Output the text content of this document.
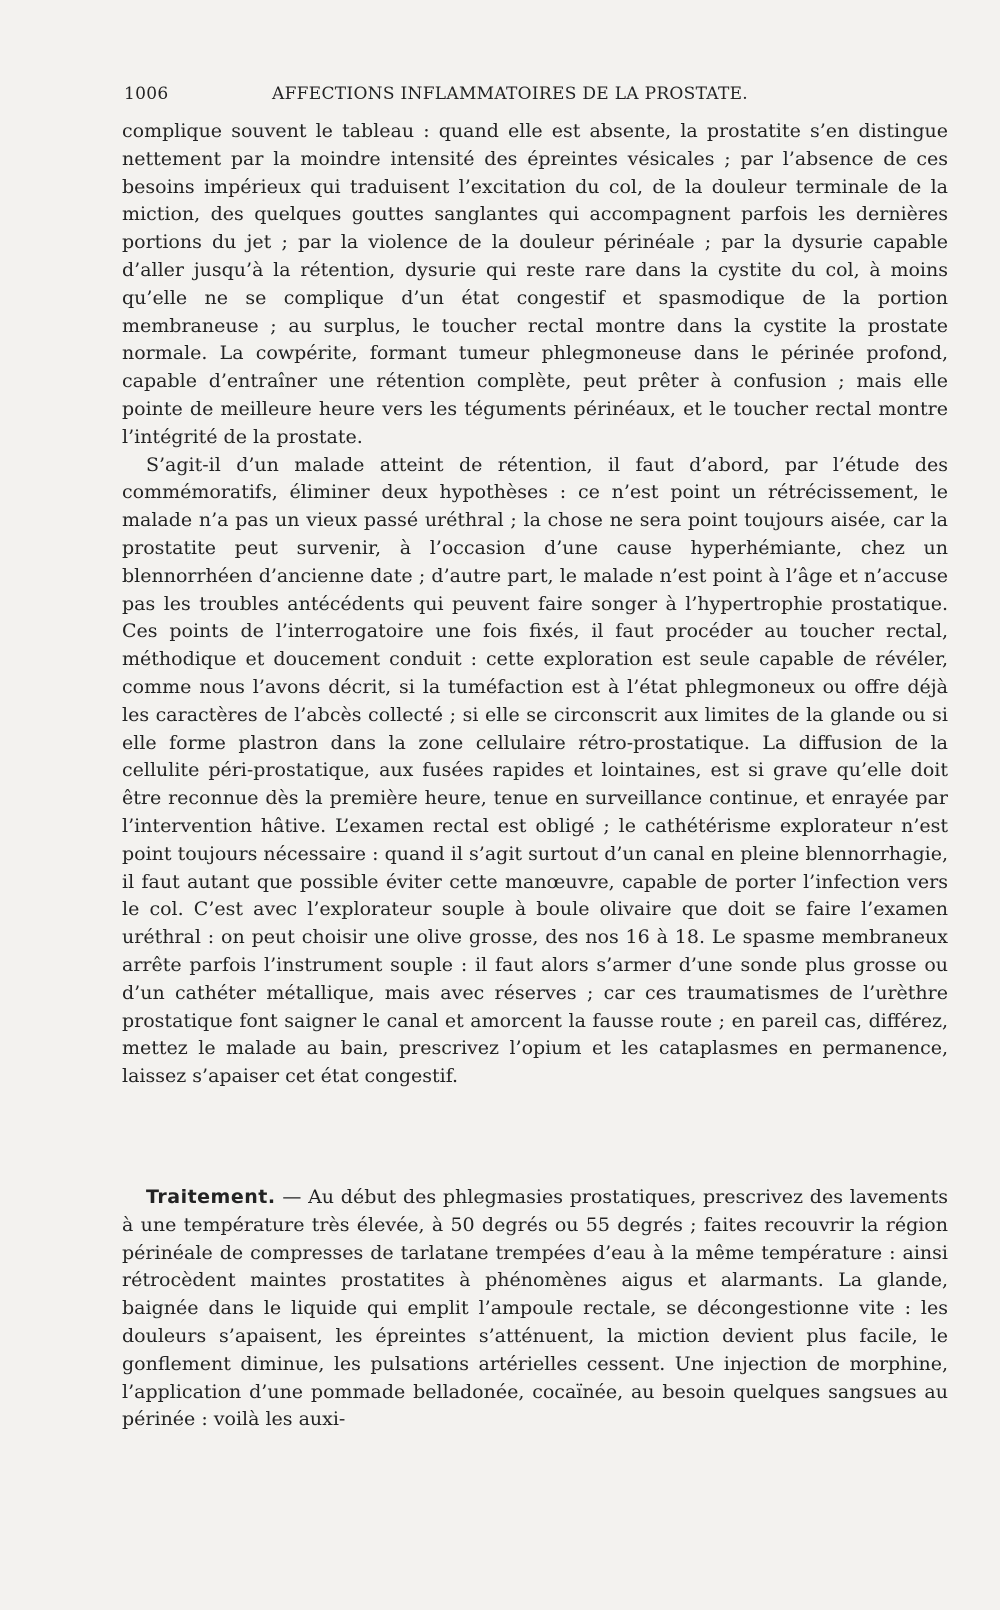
1006	AFFECTIONS INFLAMMATOIRES DE LA PROSTATE.

complique souvent le tableau : quand elle est absente, la prostatite s’en distingue nettement par la moindre intensité des épreintes vésicales ; par l’absence de ces besoins impérieux qui traduisent l’excitation du col, de la douleur terminale de la miction, des quelques gouttes sanglantes qui accompagnent parfois les dernières portions du jet ; par la violence de la douleur périnéale ; par la dysurie capable d’aller jusqu’à la rétention, dysurie qui reste rare dans la cystite du col, à moins qu’elle ne se complique d’un état congestif et spasmodique de la portion membraneuse ; au surplus, le toucher rectal montre dans la cystite la prostate normale. La cowpérite, formant tumeur phlegmoneuse dans le périnée profond, capable d’entraîner une rétention complète, peut prêter à confusion ; mais elle pointe de meilleure heure vers les téguments périnéaux, et le toucher rectal montre l’intégrité de la prostate.

S’agit-il d’un malade atteint de rétention, il faut d’abord, par l’étude des commémoratifs, éliminer deux hypothèses : ce n’est point un rétrécissement, le malade n’a pas un vieux passé uréthral ; la chose ne sera point toujours aisée, car la prostatite peut survenir, à l’occasion d’une cause hyperhémiante, chez un blennorrhéen d’ancienne date ; d’autre part, le malade n’est point à l’âge et n’accuse pas les troubles antécédents qui peuvent faire songer à l’hypertrophie prostatique. Ces points de l’interrogatoire une fois fixés, il faut procéder au toucher rectal, méthodique et doucement conduit : cette exploration est seule capable de révéler, comme nous l’avons décrit, si la tuméfaction est à l’état phlegmoneux ou offre déjà les caractères de l’abcès collecté ; si elle se circonscrit aux limites de la glande ou si elle forme plastron dans la zone cellulaire rétro-prostatique. La diffusion de la cellulite péri-prostatique, aux fusées rapides et lointaines, est si grave qu’elle doit être reconnue dès la première heure, tenue en surveillance continue, et enrayée par l’intervention hâtive. L’examen rectal est obligé ; le cathétérisme explorateur n’est point toujours nécessaire : quand il s’agit surtout d’un canal en pleine blennorrhagie, il faut autant que possible éviter cette manœuvre, capable de porter l’infection vers le col. C’est avec l’explorateur souple à boule olivaire que doit se faire l’examen uréthral : on peut choisir une olive grosse, des nos 16 à 18. Le spasme membraneux arrête parfois l’instrument souple : il faut alors s’armer d’une sonde plus grosse ou d’un cathéter métallique, mais avec réserves ; car ces traumatismes de l’urèthre prostatique font saigner le canal et amorcent la fausse route ; en pareil cas, différez, mettez le malade au bain, prescrivez l’opium et les cataplasmes en permanence, laissez s’apaiser cet état congestif.

Traitement. — Au début des phlegmasies prostatiques, prescrivez des lavements à une température très élevée, à 50 degrés ou 55 degrés ; faites recouvrir la région périnéale de compresses de tarlatane trempées d’eau à la même température : ainsi rétrocèdent maintes prostatites à phénomènes aigus et alarmants. La glande, baignée dans le liquide qui emplit l’ampoule rectale, se décongestionne vite : les douleurs s’apaisent, les épreintes s’atténuent, la miction devient plus facile, le gonflement diminue, les pulsations artérielles cessent. Une injection de morphine, l’application d’une pommade belladonée, cocaïnée, au besoin quelques sangsues au périnée : voilà les auxi-
